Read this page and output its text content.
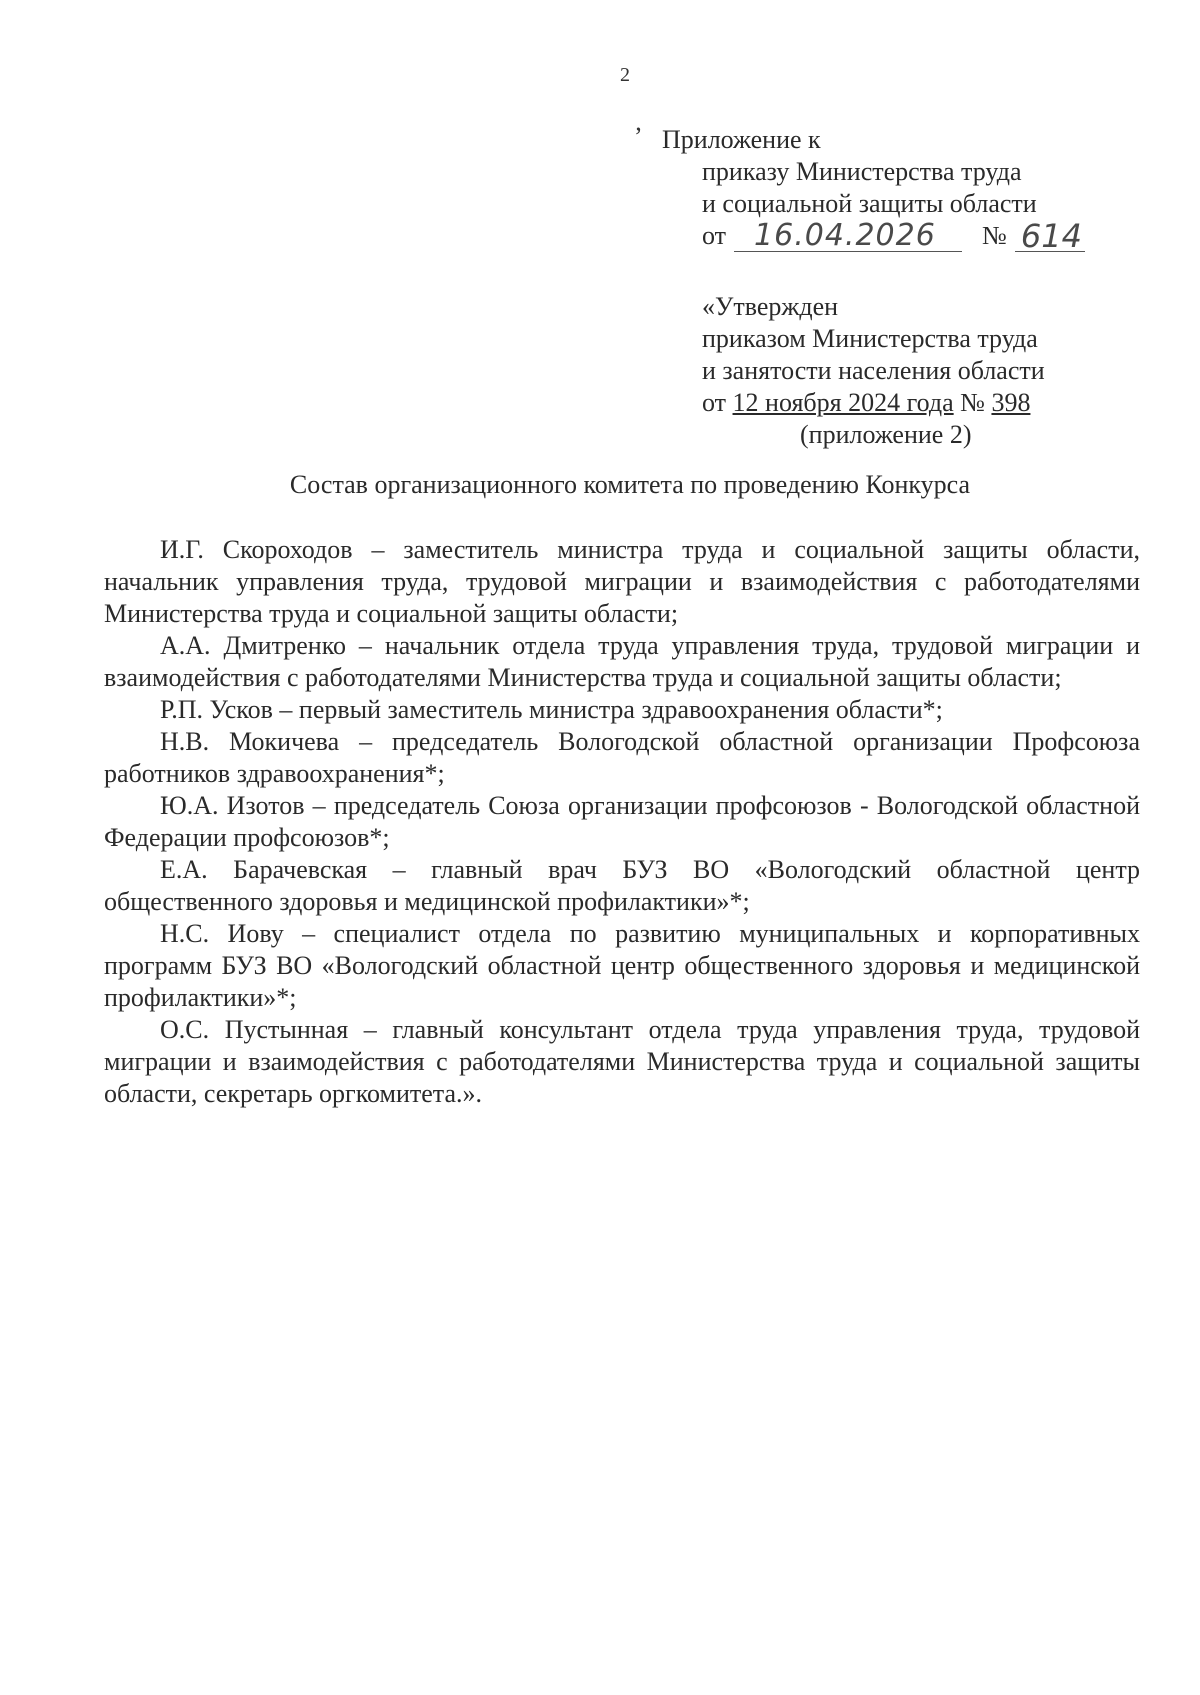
2
’ Приложение к
приказу Министерства труда
и социальной защиты области
от 16.04.2026	№ 614
«Утвержден
приказом Министерства труда
и занятости населения области
от 12 ноября 2024 года № 398
(приложение 2)
Состав организационного комитета по проведению Конкурса

И.Г. Скороходов – заместитель министра труда и социальной защиты области, начальник управления труда, трудовой миграции и взаимодействия с работодателями Министерства труда и социальной защиты области;

А.А. Дмитренко – начальник отдела труда управления труда, трудовой миграции и взаимодействия с работодателями Министерства труда и социальной защиты области;

Р.П. Усков – первый заместитель министра здравоохранения области*;

Н.В. Мокичева – председатель Вологодской областной организации Профсоюза работников здравоохранения*;

Ю.А. Изотов – председатель Союза организации профсоюзов - Вологодской областной Федерации профсоюзов*;

Е.А. Барачевская – главный врач БУЗ ВО «Вологодский областной центр общественного здоровья и медицинской профилактики»*;

Н.С. Иову – специалист отдела по развитию муниципальных и корпоративных программ БУЗ ВО «Вологодский областной центр общественного здоровья и медицинской профилактики»*;

О.С. Пустынная – главный консультант отдела труда управления труда, трудовой миграции и взаимодействия с работодателями Министерства труда и социальной защиты области, секретарь оргкомитета.».
